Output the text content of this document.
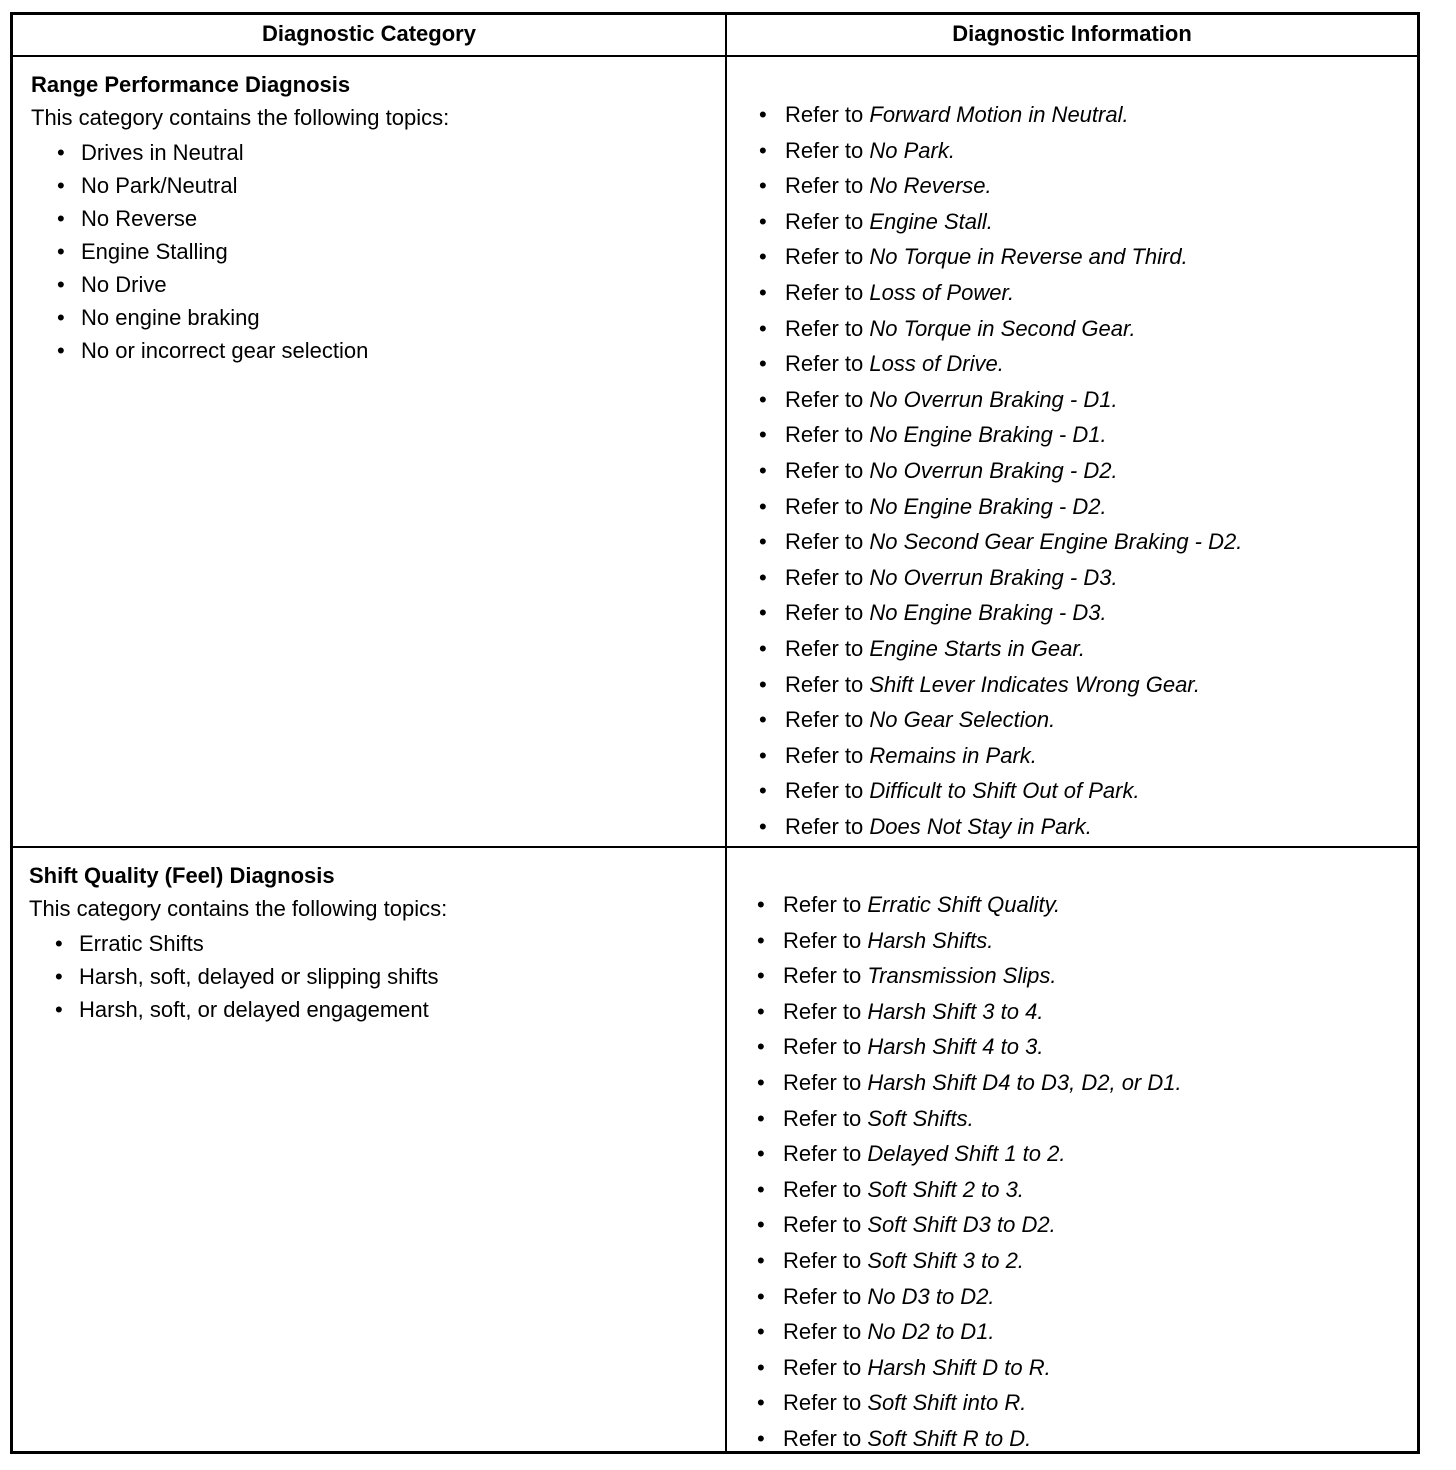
Diagnostic Category	Diagnostic Information
Range Performance Diagnosis
This category contains the following topics:
• Drives in Neutral
• No Park/Neutral
• No Reverse
• Engine Stalling
• No Drive
• No engine braking
• No or incorrect gear selection
• Refer to Forward Motion in Neutral.
• Refer to No Park.
• Refer to No Reverse.
• Refer to Engine Stall.
• Refer to No Torque in Reverse and Third.
• Refer to Loss of Power.
• Refer to No Torque in Second Gear.
• Refer to Loss of Drive.
• Refer to No Overrun Braking - D1.
• Refer to No Engine Braking - D1.
• Refer to No Overrun Braking - D2.
• Refer to No Engine Braking - D2.
• Refer to No Second Gear Engine Braking - D2.
• Refer to No Overrun Braking - D3.
• Refer to No Engine Braking - D3.
• Refer to Engine Starts in Gear.
• Refer to Shift Lever Indicates Wrong Gear.
• Refer to No Gear Selection.
• Refer to Remains in Park.
• Refer to Difficult to Shift Out of Park.
• Refer to Does Not Stay in Park.
Shift Quality (Feel) Diagnosis
This category contains the following topics:
• Erratic Shifts
• Harsh, soft, delayed or slipping shifts
• Harsh, soft, or delayed engagement
• Refer to Erratic Shift Quality.
• Refer to Harsh Shifts.
• Refer to Transmission Slips.
• Refer to Harsh Shift 3 to 4.
• Refer to Harsh Shift 4 to 3.
• Refer to Harsh Shift D4 to D3, D2, or D1.
• Refer to Soft Shifts.
• Refer to Delayed Shift 1 to 2.
• Refer to Soft Shift 2 to 3.
• Refer to Soft Shift D3 to D2.
• Refer to Soft Shift 3 to 2.
• Refer to No D3 to D2.
• Refer to No D2 to D1.
• Refer to Harsh Shift D to R.
• Refer to Soft Shift into R.
• Refer to Soft Shift R to D.
